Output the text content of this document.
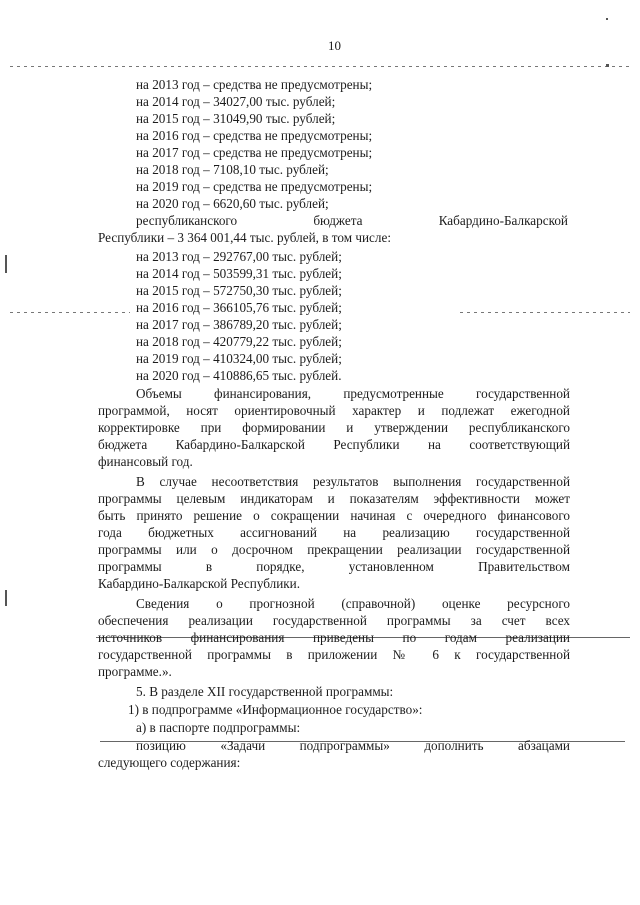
10
на 2013 год – средства не предусмотрены;
на 2014 год – 34027,00 тыс. рублей;
на 2015 год – 31049,90 тыс. рублей;
на 2016 год – средства не предусмотрены;
на 2017 год – средства не предусмотрены;
на 2018 год – 7108,10 тыс. рублей;
на 2019 год – средства не предусмотрены;
на 2020 год – 6620,60 тыс. рублей;
республиканского	бюджета	Кабардино-Балкарской
Республики – 3 364 001,44 тыс. рублей, в том числе:
на 2013 год – 292767,00 тыс. рублей;
на 2014 год – 503599,31 тыс. рублей;
на 2015 год – 572750,30 тыс. рублей;
на 2016 год – 366105,76 тыс. рублей;
на 2017 год – 386789,20 тыс. рублей;
на 2018 год – 420779,22 тыс. рублей;
на 2019 год – 410324,00 тыс. рублей;
на 2020 год – 410886,65 тыс. рублей.
Объемы финансирования, предусмотренные государственной
программой, носят ориентировочный характер и подлежат ежегодной
корректировке при формировании и утверждении республиканского
бюджета Кабардино-Балкарской Республики на соответствующий
финансовый год.
В случае несоответствия результатов выполнения государственной
программы целевым индикаторам и показателям эффективности может
быть принято решение о сокращении начиная с очередного финансового
года бюджетных ассигнований на реализацию государственной
программы или о досрочном прекращении реализации государственной
программы	в	порядке,	установленном	Правительством
Кабардино-Балкарской Республики.
Сведения о прогнозной (справочной) оценке ресурсного
обеспечения реализации государственной программы за счет всех
источников финансирования приведены по годам реализации
государственной программы в приложении № 6 к государственной
программе.».
5. В разделе XII государственной программы:
1) в подпрограмме «Информационное государство»:
а) в паспорте подпрограммы:
позицию	«Задачи	подпрограммы»	дополнить	абзацами
следующего содержания:
